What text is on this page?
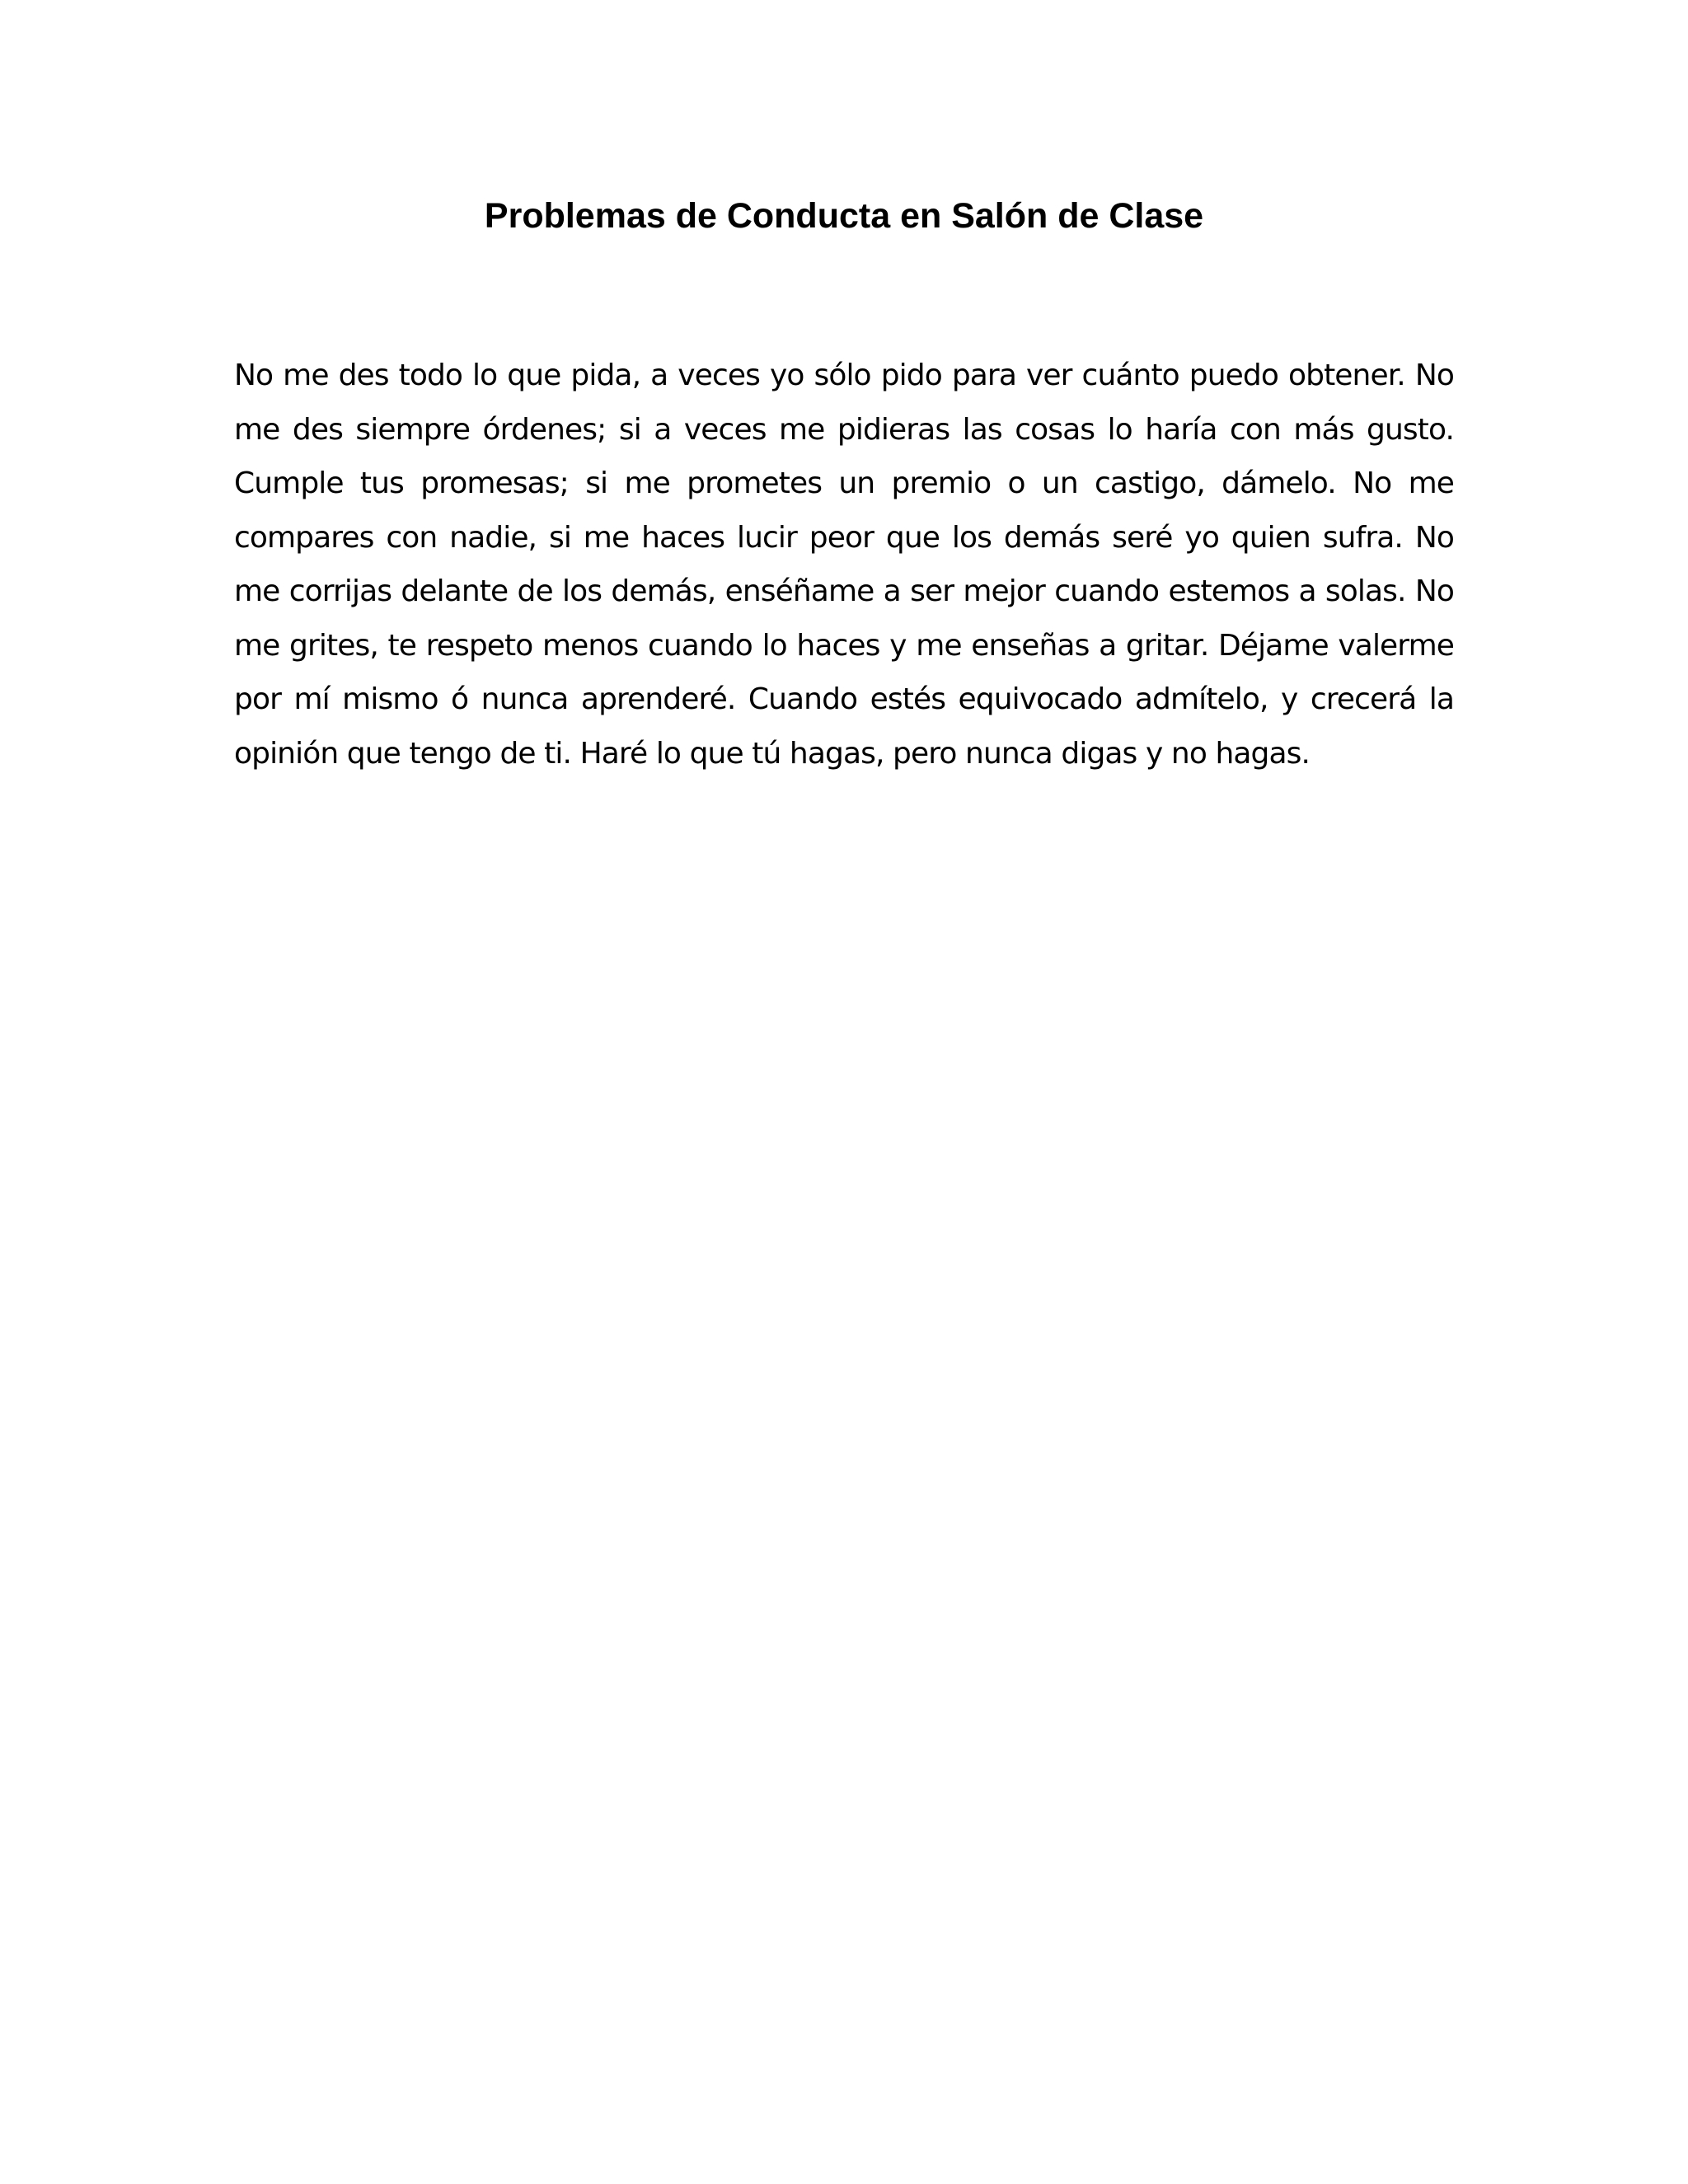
Problemas de Conducta en Salón de Clase

No me des todo lo que pida, a veces yo sólo pido para ver cuánto puedo obtener. No me des siempre órdenes; si a veces me pidieras las cosas lo haría con más gusto. Cumple tus promesas; si me prometes un premio o un castigo, dámelo. No me compares con nadie, si me haces lucir peor que los demás seré yo quien sufra. No me corrijas delante de los demás, enséñame a ser mejor cuando estemos a solas. No me grites, te respeto menos cuando lo haces y me enseñas a gritar. Déjame valerme por mí mismo ó nunca aprenderé. Cuando estés equivocado admítelo, y crecerá la opinión que tengo de ti. Haré lo que tú hagas, pero nunca digas y no hagas.
